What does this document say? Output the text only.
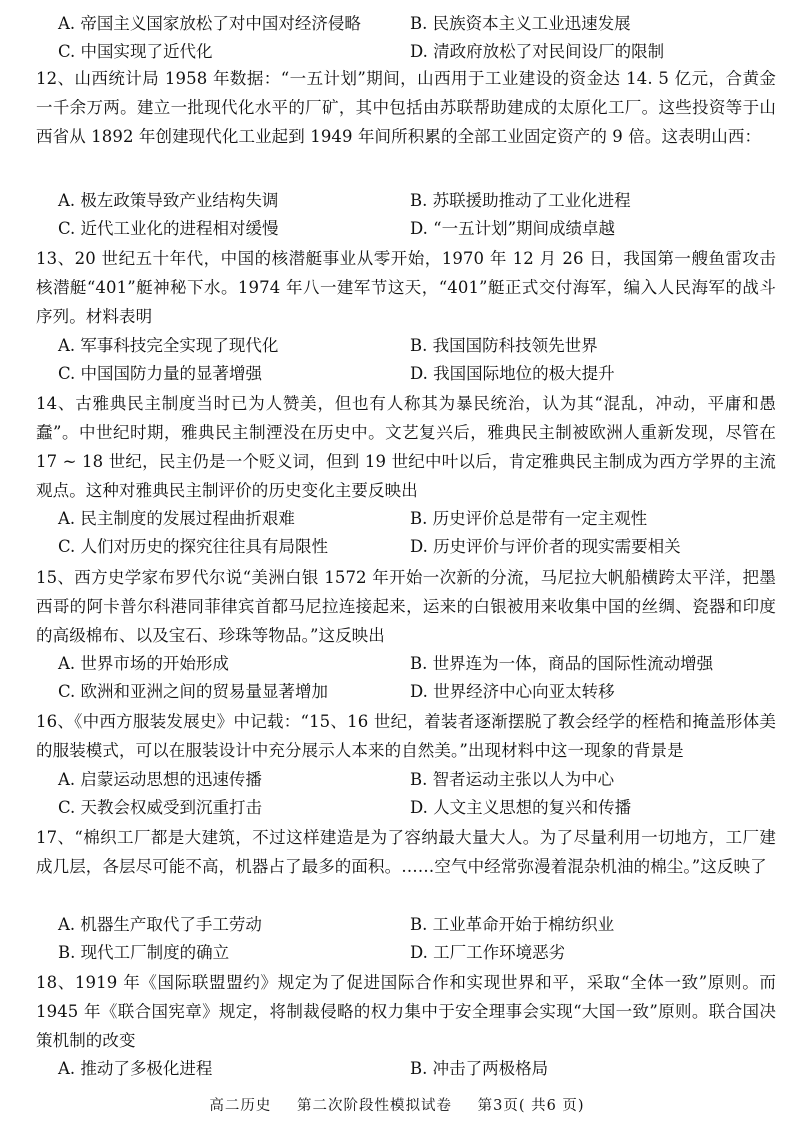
A. 帝国主义国家放松了对中国对经济侵略	B. 民族资本主义工业迅速发展
C. 中国实现了近代化	D. 清政府放松了对民间设厂的限制
12、山西统计局 1958 年数据：“一五计划”期间，山西用于工业建设的资金达 14. 5 亿元，合黄金一千余万两。建立一批现代化水平的厂矿，其中包括由苏联帮助建成的太原化工厂。这些投资等于山西省从 1892 年创建现代化工业起到 1949 年间所积累的全部工业固定资产的 9 倍。这表明山西：
A. 极左政策导致产业结构失调	B. 苏联援助推动了工业化进程
C. 近代工业化的进程相对缓慢	D. “一五计划”期间成绩卓越
13、20 世纪五十年代，中国的核潜艇事业从零开始，1970 年 12 月 26 日，我国第一艘鱼雷攻击核潜艇“401”艇神秘下水。1974 年八一建军节这天，“401”艇正式交付海军，编入人民海军的战斗序列。材料表明
A. 军事科技完全实现了现代化	B. 我国国防科技领先世界
C. 中国国防力量的显著增强	D. 我国国际地位的极大提升
14、古雅典民主制度当时已为人赞美，但也有人称其为暴民统治，认为其“混乱，冲动，平庸和愚蠢”。中世纪时期，雅典民主制湮没在历史中。文艺复兴后，雅典民主制被欧洲人重新发现，尽管在 17 ~ 18 世纪，民主仍是一个贬义词，但到 19 世纪中叶以后，肯定雅典民主制成为西方学界的主流观点。这种对雅典民主制评价的历史变化主要反映出
A. 民主制度的发展过程曲折艰难	B. 历史评价总是带有一定主观性
C. 人们对历史的探究往往具有局限性	D. 历史评价与评价者的现实需要相关
15、西方史学家布罗代尔说“美洲白银 1572 年开始一次新的分流，马尼拉大帆船横跨太平洋，把墨西哥的阿卡普尔科港同菲律宾首都马尼拉连接起来，运来的白银被用来收集中国的丝绸、瓷器和印度的高级棉布、以及宝石、珍珠等物品。”这反映出
A. 世界市场的开始形成	B. 世界连为一体，商品的国际性流动增强
C. 欧洲和亚洲之间的贸易量显著增加	D. 世界经济中心向亚太转移
16、《中西方服装发展史》中记载：“15、16 世纪，着装者逐渐摆脱了教会经学的桎梏和掩盖形体美的服装模式，可以在服装设计中充分展示人本来的自然美。”出现材料中这一现象的背景是
A. 启蒙运动思想的迅速传播	B. 智者运动主张以人为中心
C. 天教会权威受到沉重打击	D. 人文主义思想的复兴和传播
17、“棉织工厂都是大建筑，不过这样建造是为了容纳最大量大人。为了尽量利用一切地方，工厂建成几层，各层尽可能不高，机器占了最多的面积。……空气中经常弥漫着混杂机油的棉尘。”这反映了
A. 机器生产取代了手工劳动	B. 工业革命开始于棉纺织业
B. 现代工厂制度的确立	D. 工厂工作环境恶劣
18、1919 年《国际联盟盟约》规定为了促进国际合作和实现世界和平，采取“全体一致”原则。而 1945 年《联合国宪章》规定，将制裁侵略的权力集中于安全理事会实现“大国一致”原则。联合国决策机制的改变
A. 推动了多极化进程	B. 冲击了两极格局
高二历史 第二次阶段性模拟试卷 第3页( 共6 页)
